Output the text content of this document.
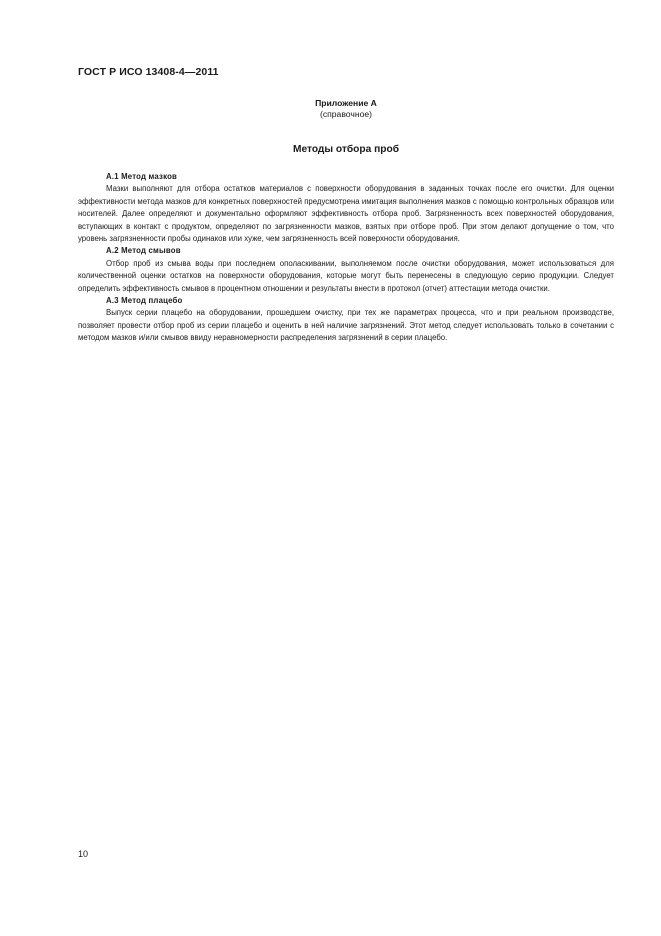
ГОСТ Р ИСО 13408-4—2011
Приложение А
(справочное)
Методы отбора проб
А.1 Метод мазков

Мазки выполняют для отбора остатков материалов с поверхности оборудования в заданных точках после его очистки. Для оценки эффективности метода мазков для конкретных поверхностей предусмотрена имитация выполнения мазков с помощью контрольных образцов или носителей. Далее определяют и документально оформляют эффективность отбора проб. Загрязненность всех поверхностей оборудования, вступающих в контакт с продуктом, определяют по загрязненности мазков, взятых при отборе проб. При этом делают допущение о том, что уровень загрязненности пробы одинаков или хуже, чем загрязненность всей поверхности оборудования.

А.2 Метод смывов

Отбор проб из смыва воды при последнем ополаскивании, выполняемом после очистки оборудования, может использоваться для количественной оценки остатков на поверхности оборудования, которые могут быть перенесены в следующую серию продукции. Следует определить эффективность смывов в процентном отношении и результаты внести в протокол (отчет) аттестации метода очистки.

А.3 Метод плацебо

Выпуск серии плацебо на оборудовании, прошедшем очистку, при тех же параметрах процесса, что и при реальном производстве, позволяет провести отбор проб из серии плацебо и оценить в ней наличие загрязнений. Этот метод следует использовать только в сочетании с методом мазков и/или смывов ввиду неравномерности распределения загрязнений в серии плацебо.

10
